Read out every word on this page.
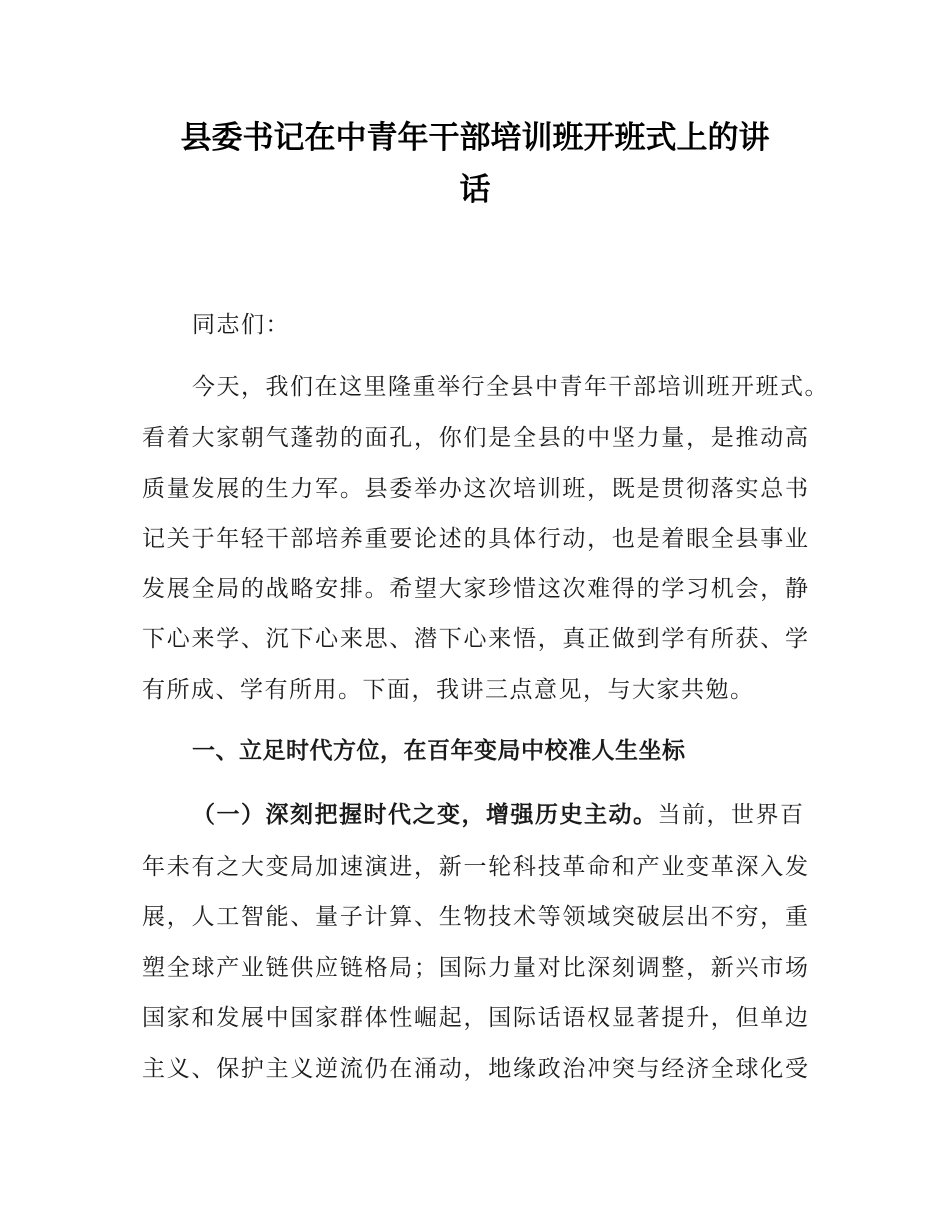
县委书记在中青年干部培训班开班式上的讲
话

同志们：

今天，我们在这里隆重举行全县中青年干部培训班开班式。

看着大家朝气蓬勃的面孔，你们是全县的中坚力量，是推动高

质量发展的生力军。县委举办这次培训班，既是贯彻落实总书

记关于年轻干部培养重要论述的具体行动，也是着眼全县事业

发展全局的战略安排。希望大家珍惜这次难得的学习机会，静

下心来学、沉下心来思、潜下心来悟，真正做到学有所获、学

有所成、学有所用。下面，我讲三点意见，与大家共勉。

一、立足时代方位，在百年变局中校准人生坐标

（一）深刻把握时代之变，增强历史主动。当前，世界百

年未有之大变局加速演进，新一轮科技革命和产业变革深入发

展，人工智能、量子计算、生物技术等领域突破层出不穷，重

塑全球产业链供应链格局；国际力量对比深刻调整，新兴市场

国家和发展中国家群体性崛起，国际话语权显著提升，但单边

主义、保护主义逆流仍在涌动，地缘政治冲突与经济全球化受
